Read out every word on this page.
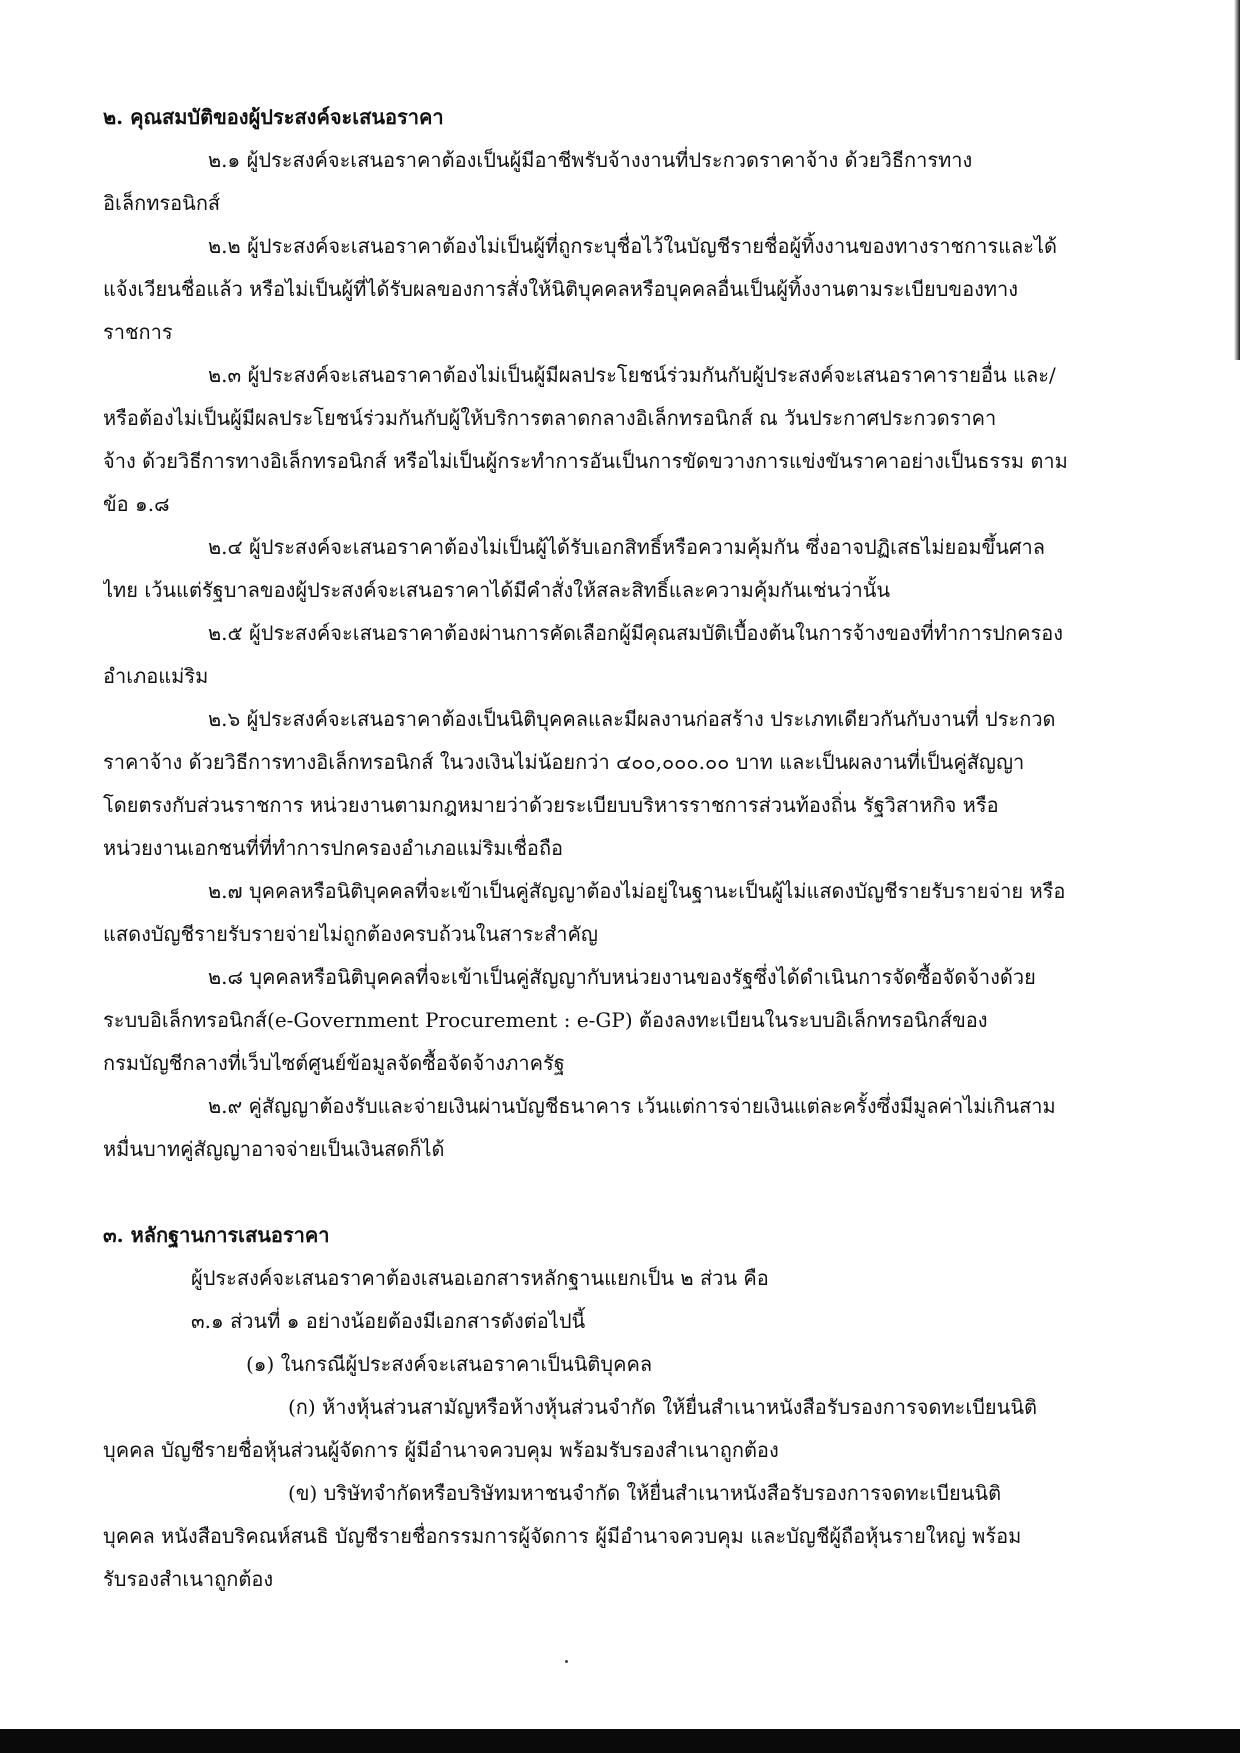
๒. คุณสมบัติของผู้ประสงค์จะเสนอราคา
๒.๑ ผู้ประสงค์จะเสนอราคาต้องเป็นผู้มีอาชีพรับจ้างงานที่ประกวดราคาจ้าง ด้วยวิธีการทาง
อิเล็กทรอนิกส์
๒.๒ ผู้ประสงค์จะเสนอราคาต้องไม่เป็นผู้ที่ถูกระบุชื่อไว้ในบัญชีรายชื่อผู้ทิ้งงานของทางราชการและได้
แจ้งเวียนชื่อแล้ว หรือไม่เป็นผู้ที่ได้รับผลของการสั่งให้นิติบุคคลหรือบุคคลอื่นเป็นผู้ทิ้งงานตามระเบียบของทาง
ราชการ
๒.๓ ผู้ประสงค์จะเสนอราคาต้องไม่เป็นผู้มีผลประโยชน์ร่วมกันกับผู้ประสงค์จะเสนอราคารายอื่น และ/
หรือต้องไม่เป็นผู้มีผลประโยชน์ร่วมกันกับผู้ให้บริการตลาดกลางอิเล็กทรอนิกส์ ณ วันประกาศประกวดราคา
จ้าง ด้วยวิธีการทางอิเล็กทรอนิกส์ หรือไม่เป็นผู้กระทำการอันเป็นการขัดขวางการแข่งขันราคาอย่างเป็นธรรม ตาม
ข้อ ๑.๘
๒.๔ ผู้ประสงค์จะเสนอราคาต้องไม่เป็นผู้ได้รับเอกสิทธิ์หรือความคุ้มกัน ซึ่งอาจปฏิเสธไม่ยอมขึ้นศาล
ไทย เว้นแต่รัฐบาลของผู้ประสงค์จะเสนอราคาได้มีคำสั่งให้สละสิทธิ์และความคุ้มกันเช่นว่านั้น
๒.๕ ผู้ประสงค์จะเสนอราคาต้องผ่านการคัดเลือกผู้มีคุณสมบัติเบื้องต้นในการจ้างของที่ทำการปกครอง
อำเภอแม่ริม
๒.๖ ผู้ประสงค์จะเสนอราคาต้องเป็นนิติบุคคลและมีผลงานก่อสร้าง ประเภทเดียวกันกับงานที่ ประกวด
ราคาจ้าง ด้วยวิธีการทางอิเล็กทรอนิกส์ ในวงเงินไม่น้อยกว่า ๔๐๐,๐๐๐.๐๐ บาท และเป็นผลงานที่เป็นคู่สัญญา
โดยตรงกับส่วนราชการ หน่วยงานตามกฎหมายว่าด้วยระเบียบบริหารราชการส่วนท้องถิ่น รัฐวิสาหกิจ หรือ
หน่วยงานเอกชนที่ที่ทำการปกครองอำเภอแม่ริมเชื่อถือ
๒.๗ บุคคลหรือนิติบุคคลที่จะเข้าเป็นคู่สัญญาต้องไม่อยู่ในฐานะเป็นผู้ไม่แสดงบัญชีรายรับรายจ่าย หรือ
แสดงบัญชีรายรับรายจ่ายไม่ถูกต้องครบถ้วนในสาระสำคัญ
๒.๘ บุคคลหรือนิติบุคคลที่จะเข้าเป็นคู่สัญญากับหน่วยงานของรัฐซึ่งได้ดำเนินการจัดซื้อจัดจ้างด้วย
ระบบอิเล็กทรอนิกส์(e-Government Procurement : e-GP) ต้องลงทะเบียนในระบบอิเล็กทรอนิกส์ของ
กรมบัญชีกลางที่เว็บไซต์ศูนย์ข้อมูลจัดซื้อจัดจ้างภาครัฐ
๒.๙ คู่สัญญาต้องรับและจ่ายเงินผ่านบัญชีธนาคาร เว้นแต่การจ่ายเงินแต่ละครั้งซึ่งมีมูลค่าไม่เกินสาม
หมื่นบาทคู่สัญญาอาจจ่ายเป็นเงินสดก็ได้
๓. หลักฐานการเสนอราคา
ผู้ประสงค์จะเสนอราคาต้องเสนอเอกสารหลักฐานแยกเป็น ๒ ส่วน คือ
๓.๑ ส่วนที่ ๑ อย่างน้อยต้องมีเอกสารดังต่อไปนี้
(๑) ในกรณีผู้ประสงค์จะเสนอราคาเป็นนิติบุคคล
(ก) ห้างหุ้นส่วนสามัญหรือห้างหุ้นส่วนจำกัด ให้ยื่นสำเนาหนังสือรับรองการจดทะเบียนนิติ
บุคคล บัญชีรายชื่อหุ้นส่วนผู้จัดการ ผู้มีอำนาจควบคุม พร้อมรับรองสำเนาถูกต้อง
(ข) บริษัทจำกัดหรือบริษัทมหาชนจำกัด ให้ยื่นสำเนาหนังสือรับรองการจดทะเบียนนิติ
บุคคล หนังสือบริคณห์สนธิ บัญชีรายชื่อกรรมการผู้จัดการ ผู้มีอำนาจควบคุม และบัญชีผู้ถือหุ้นรายใหญ่ พร้อม
รับรองสำเนาถูกต้อง
